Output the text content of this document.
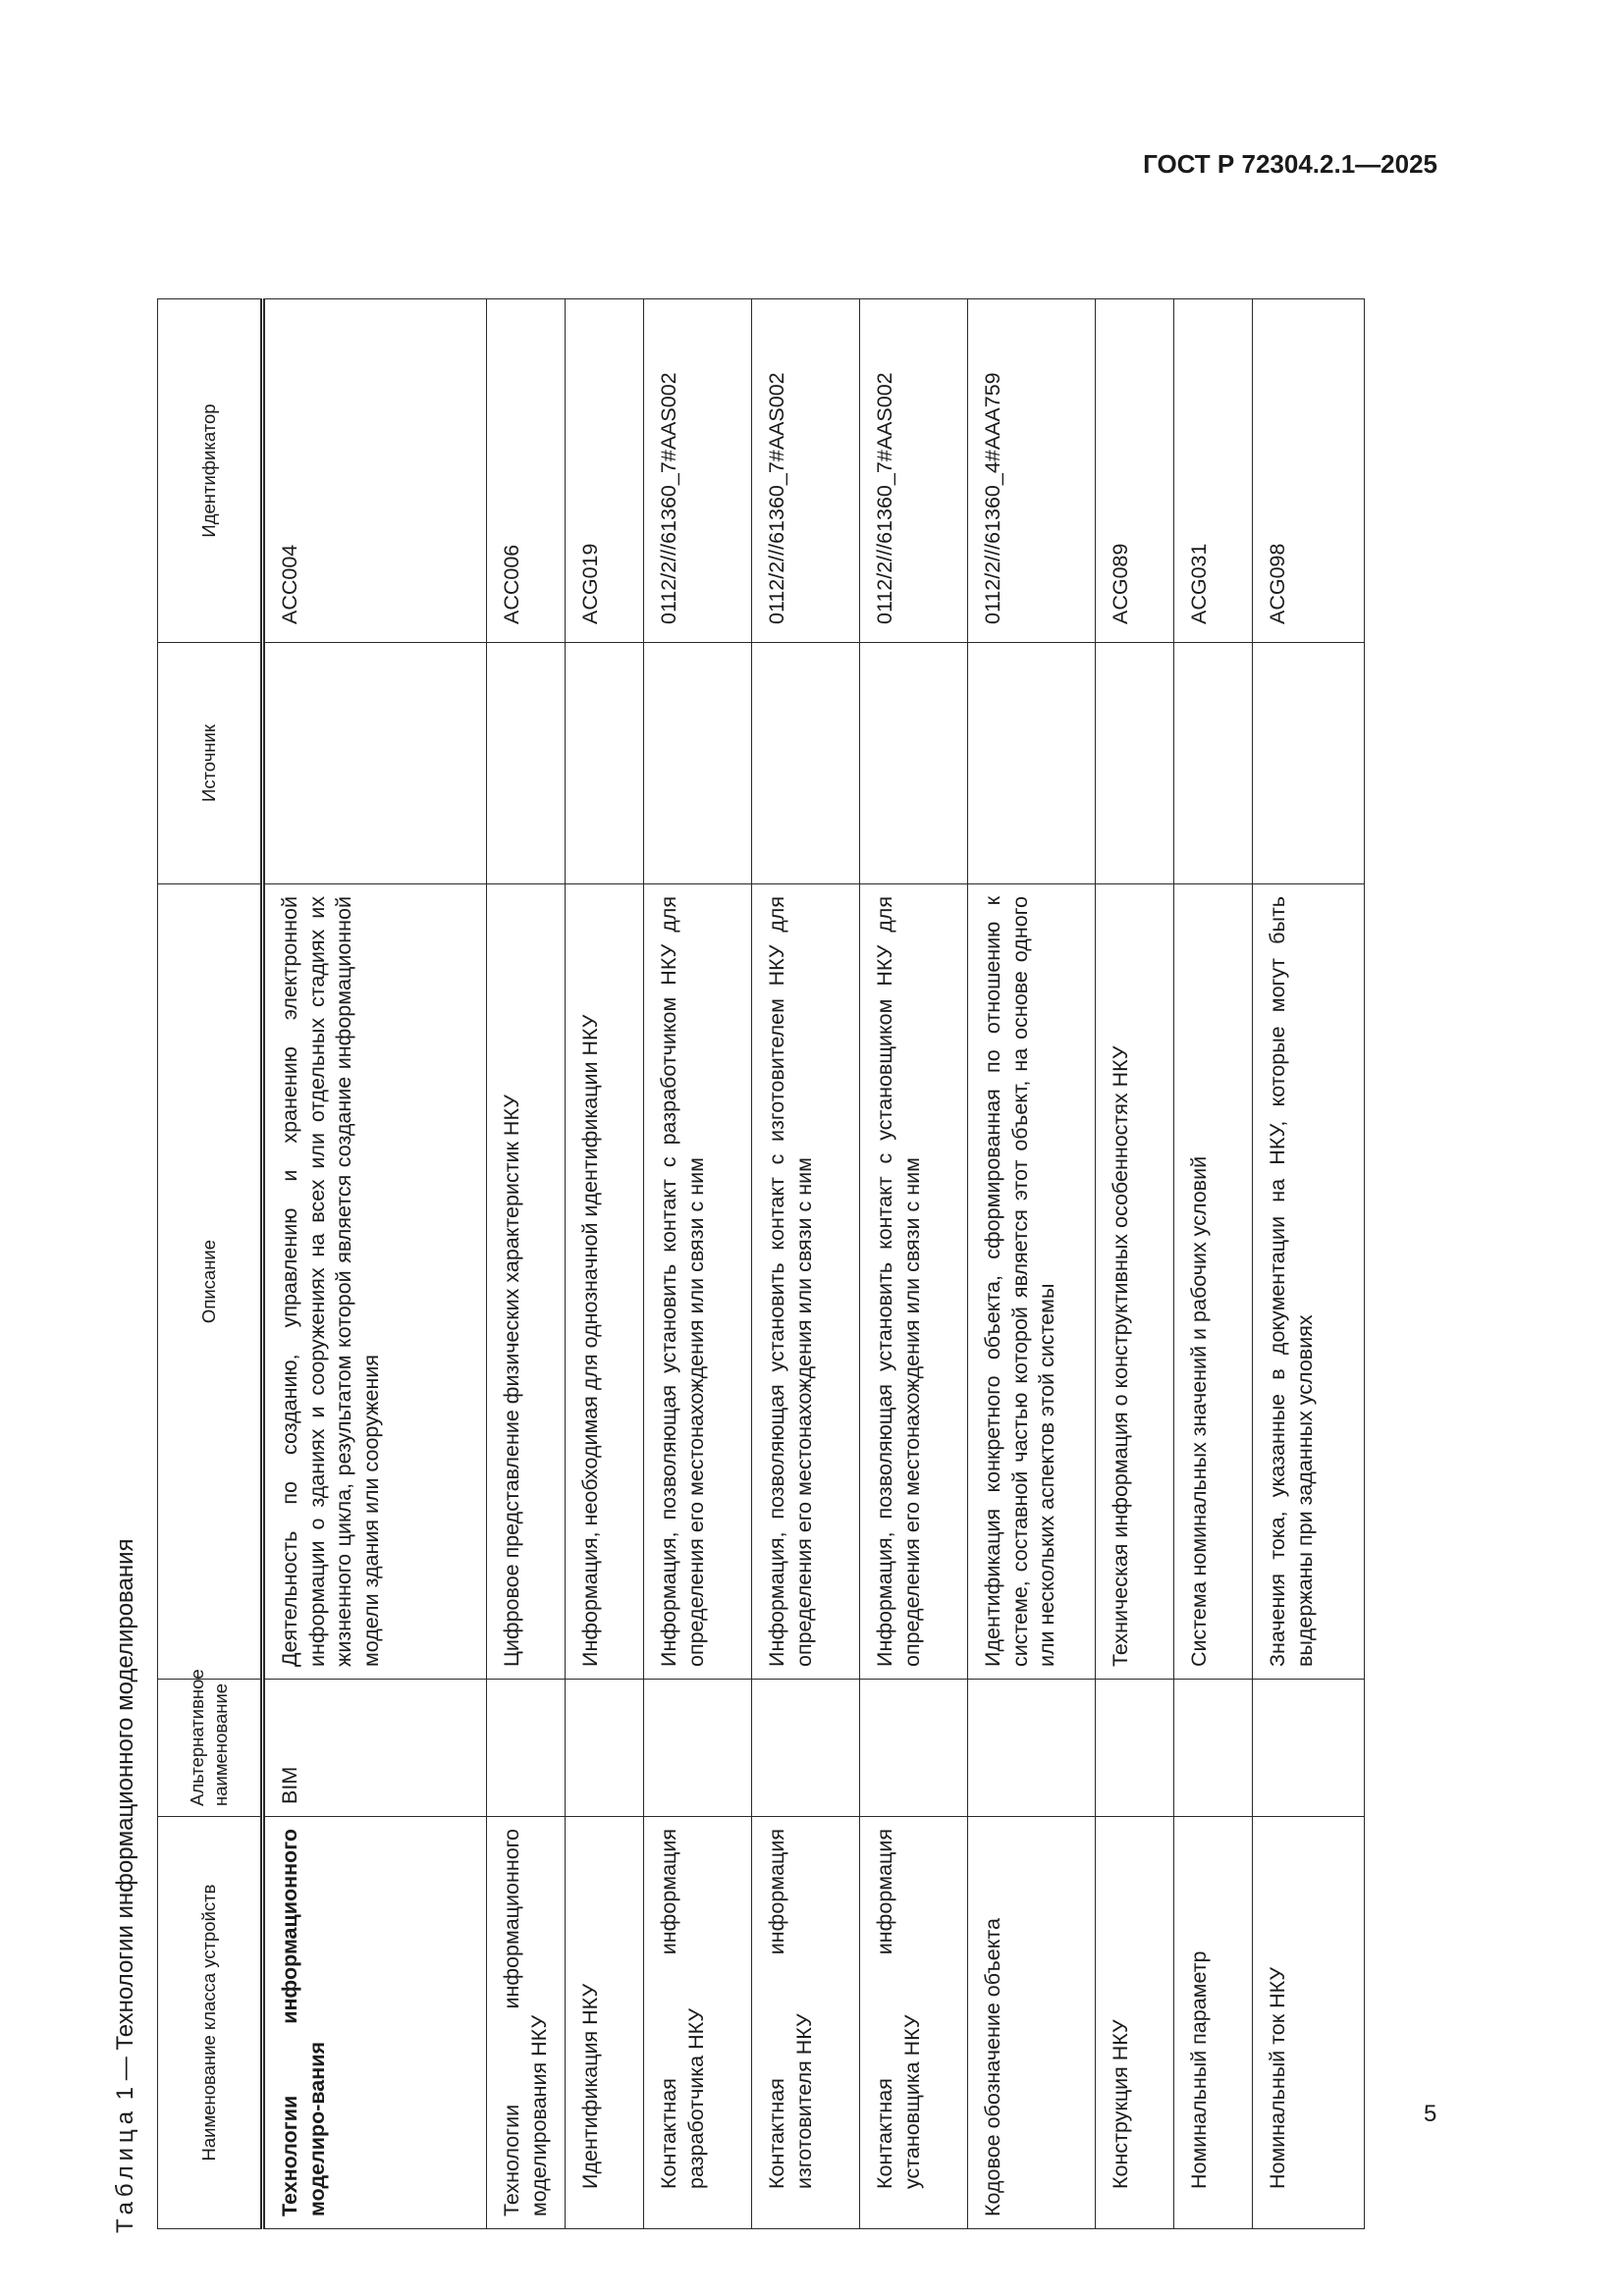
ГОСТ Р 72304.2.1—2025
Таблица 1 — Технологии информационного моделирования	Наименование класса устройств	Альтернативное наименование	Описание	Источник	Идентификатор
Технологии информационного моделиро-вания	BIM	Деятельность по созданию, управлению и хранению электронной информации о зданиях и сооружениях на всех или отдельных стадиях их жизненного цикла, результатом которой является создание информационной модели здания или сооружения		ACC004
Технологии информационного моделирования НКУ		Цифровое представление физических характеристик НКУ		ACC006
Идентификация НКУ		Информация, необходимая для однозначной идентификации НКУ		ACG019
Контактная информация разработчика НКУ		Информация, позволяющая установить контакт с разработчиком НКУ для определения его местонахождения или связи с ним		0112/2///61360_7#AAS002
Контактная информация изготовителя НКУ		Информация, позволяющая установить контакт с изготовителем НКУ для определения его местонахождения или связи с ним		0112/2///61360_7#AAS002
Контактная информация установщика НКУ		Информация, позволяющая установить контакт с установщиком НКУ для определения его местонахождения или связи с ним		0112/2///61360_7#AAS002
Кодовое обозначение объекта		Идентификация конкретного объекта, сформированная по отношению к системе, составной частью которой является этот объект, на основе одного или нескольких аспектов этой системы		0112/2///61360_4#AAA759
Конструкция НКУ		Техническая информация о конструктивных особенностях НКУ		ACG089
Номинальный параметр		Система номинальных значений и рабочих условий		ACG031
Номинальный ток НКУ		Значения тока, указанные в документации на НКУ, которые могут быть выдержаны при заданных условиях		ACG098
5
